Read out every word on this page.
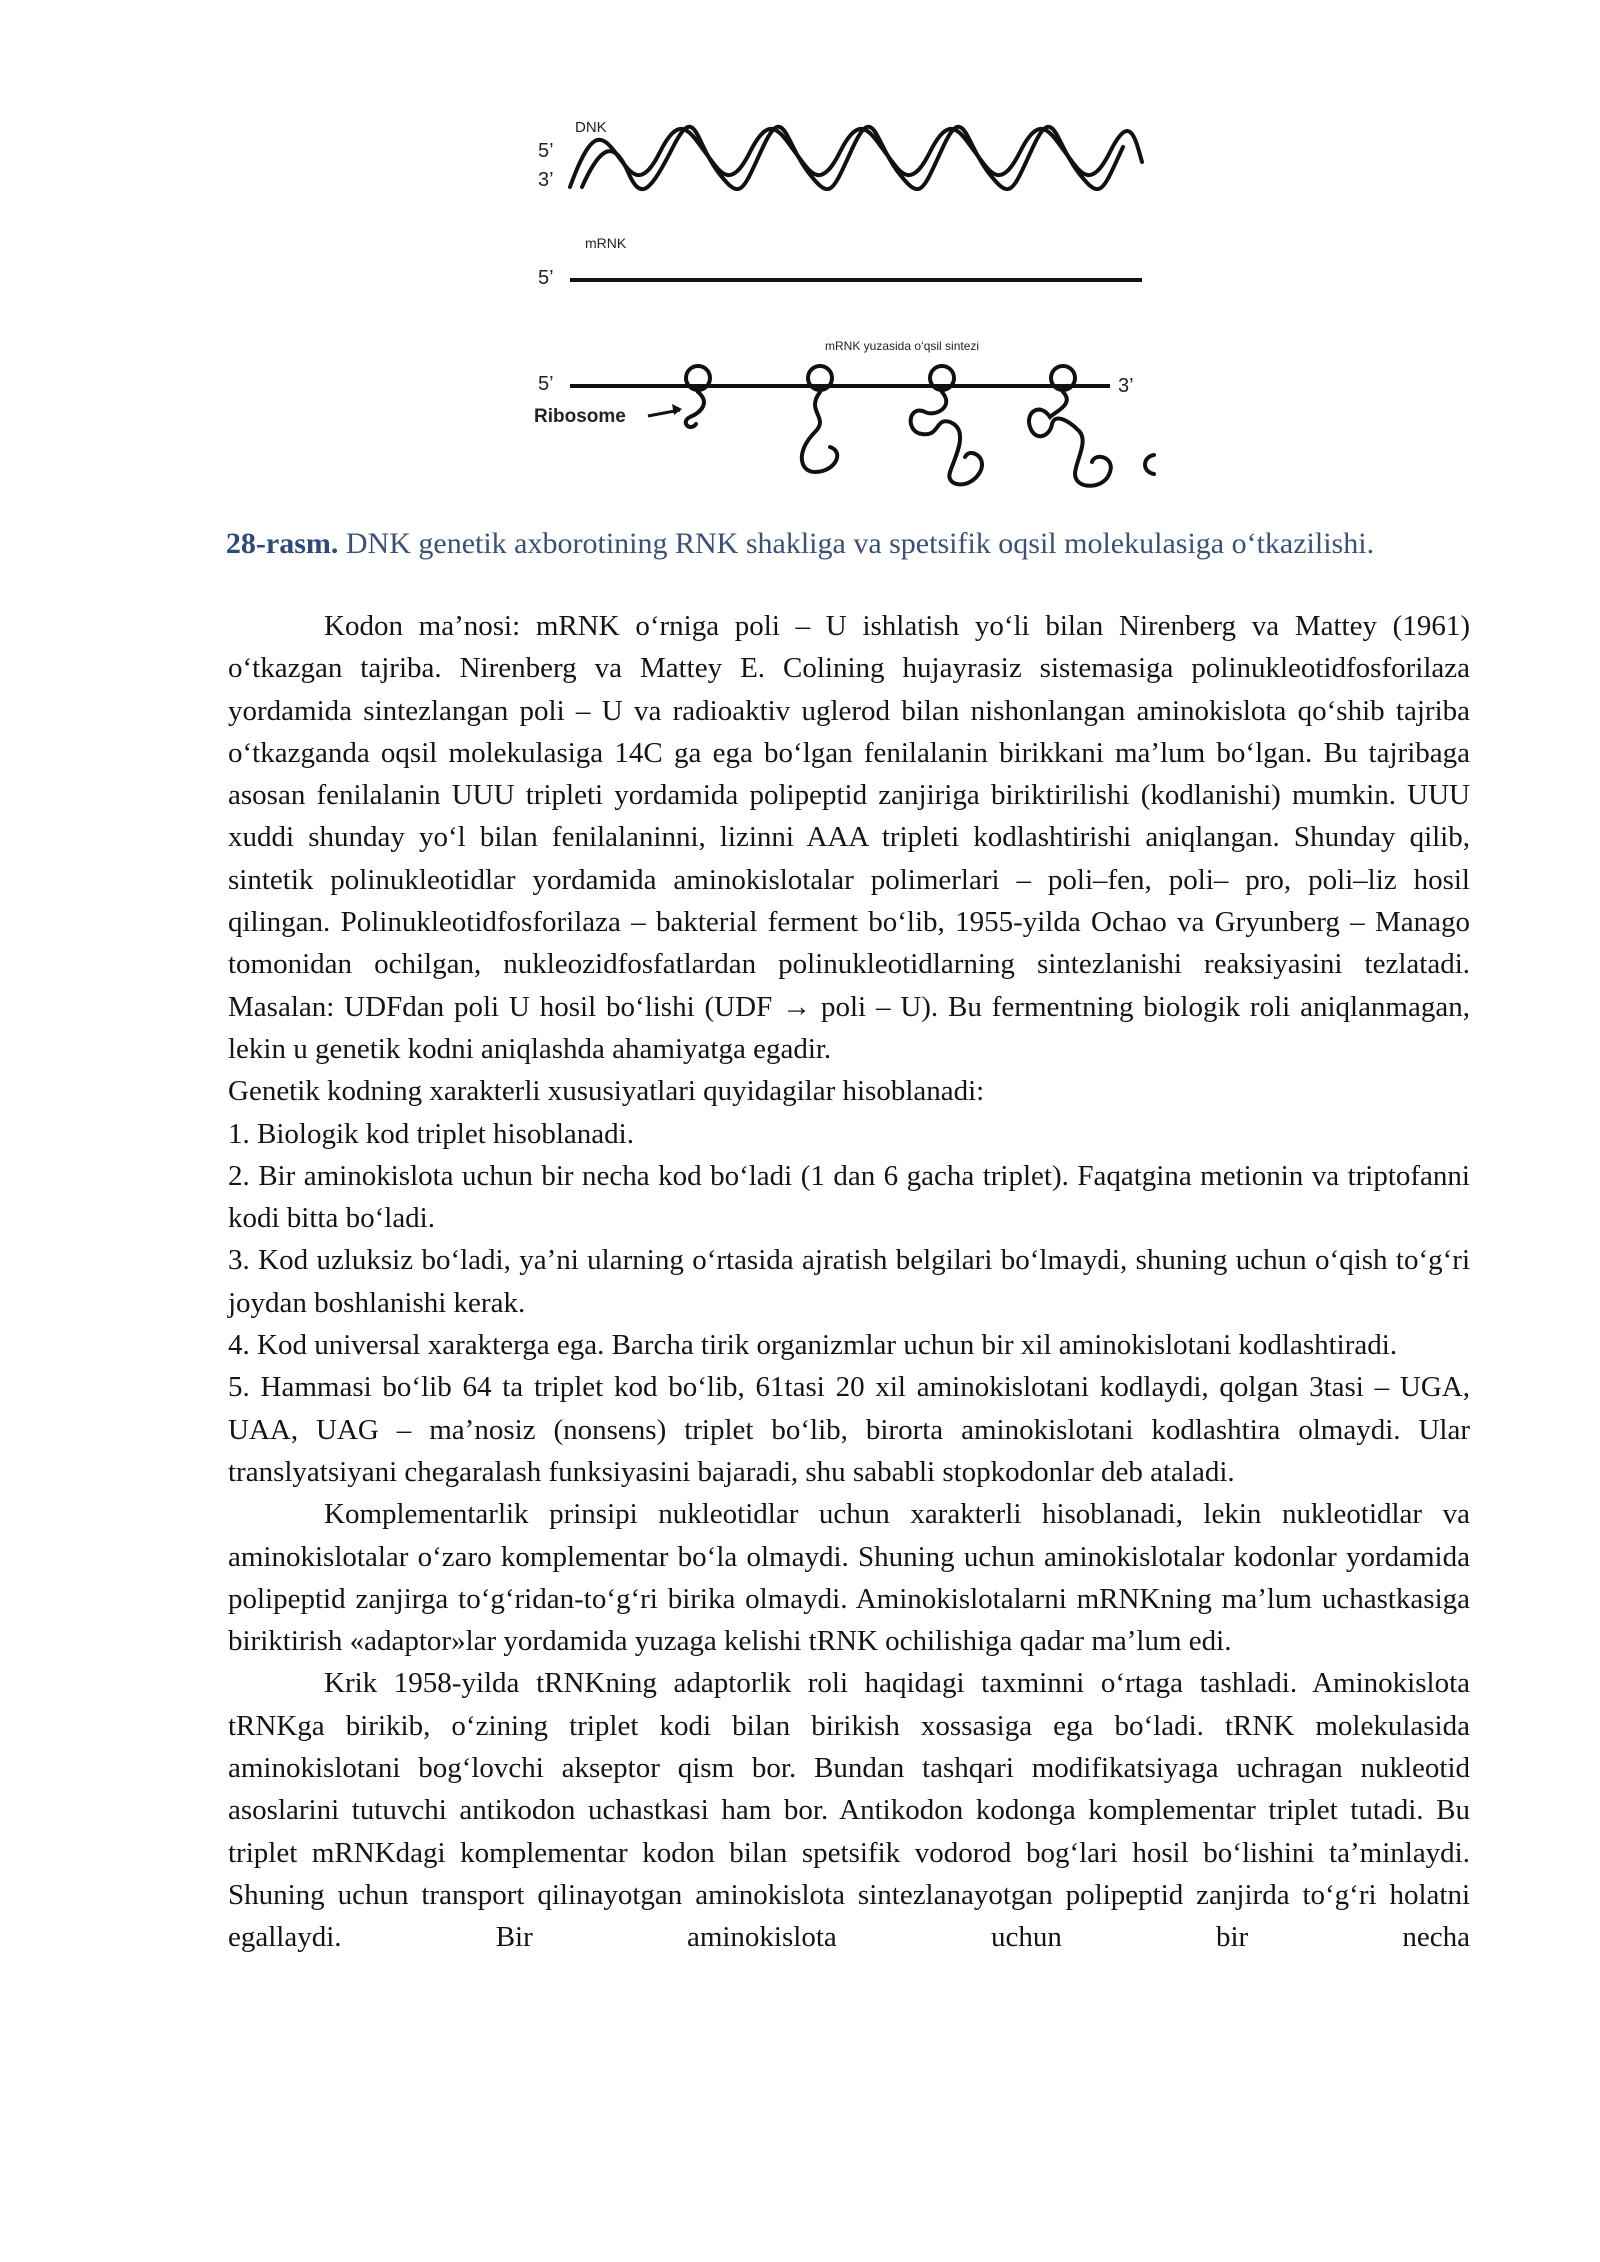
DNK
5’
3’
mRNK
5’
mRNK yuzasida o‘qsil sintezi
5’	3’
Ribosome
28-rasm. DNK genetik axborotining RNK shakliga va spetsifik oqsil molekulasiga o‘tkazilishi.

Kodon ma’nosi: mRNK o‘rniga poli – U ishlatish yo‘li bilan Nirenberg va Mattey (1961) o‘tkazgan tajriba. Nirenberg va Mattey E. Colining hujayrasiz sistemasiga polinukleotidfosforilaza yordamida sintezlangan poli – U va radioaktiv uglerod bilan nishonlangan aminokislota qo‘shib tajriba o‘tkazganda oqsil molekulasiga 14C ga ega bo‘lgan fenilalanin birikkani ma’lum bo‘lgan. Bu tajribaga asosan fenilalanin UUU tripleti yordamida polipeptid zanjiriga biriktirilishi (kodlanishi) mumkin. UUU xuddi shunday yo‘l bilan fenilalaninni, lizinni AAA tripleti kodlashtirishi aniqlangan. Shunday qilib, sintetik polinukleotidlar yordamida aminokislotalar polimerlari – poli–fen, poli– pro, poli–liz hosil qilingan. Polinukleotidfosforilaza – bakterial ferment bo‘lib, 1955-yilda Ochao va Gryunberg – Manago tomonidan ochilgan, nukleozidfosfatlardan polinukleotidlarning sintezlanishi reaksiyasini tezlatadi. Masalan: UDFdan poli U hosil bo‘lishi (UDF → poli – U). Bu fermentning biologik roli aniqlanmagan, lekin u genetik kodni aniqlashda ahamiyatga egadir.

Genetik kodning xarakterli xususiyatlari quyidagilar hisoblanadi:

1. Biologik kod triplet hisoblanadi.

2. Bir aminokislota uchun bir necha kod bo‘ladi (1 dan 6 gacha triplet). Faqatgina metionin va triptofanni kodi bitta bo‘ladi.

3. Kod uzluksiz bo‘ladi, ya’ni ularning o‘rtasida ajratish belgilari bo‘lmaydi, shuning uchun o‘qish to‘g‘ri joydan boshlanishi kerak.

4. Kod universal xarakterga ega. Barcha tirik organizmlar uchun bir xil aminokislotani kodlashtiradi.

5. Hammasi bo‘lib 64 ta triplet kod bo‘lib, 61tasi 20 xil aminokislotani kodlaydi, qolgan 3tasi – UGA, UAA, UAG – ma’nosiz (nonsens) triplet bo‘lib, birorta aminokislotani kodlashtira olmaydi. Ular translyatsiyani chegaralash funksiyasini bajaradi, shu sababli stopkodonlar deb ataladi.

Komplementarlik prinsipi nukleotidlar uchun xarakterli hisoblanadi, lekin nukleotidlar va aminokislotalar o‘zaro komplementar bo‘la olmaydi. Shuning uchun aminokislotalar kodonlar yordamida polipeptid zanjirga to‘g‘ridan-to‘g‘ri birika olmaydi. Aminokislotalarni mRNKning ma’lum uchastkasiga biriktirish «adaptor»lar yordamida yuzaga kelishi tRNK ochilishiga qadar ma’lum edi.

Krik 1958-yilda tRNKning adaptorlik roli haqidagi taxminni o‘rtaga tashladi. Aminokislota tRNKga birikib, o‘zining triplet kodi bilan birikish xossasiga ega bo‘ladi. tRNK molekulasida aminokislotani bog‘lovchi akseptor qism bor. Bundan tashqari modifikatsiyaga uchragan nukleotid asoslarini tutuvchi antikodon uchastkasi ham bor. Antikodon kodonga komplementar triplet tutadi. Bu triplet mRNKdagi komplementar kodon bilan spetsifik vodorod bog‘lari hosil bo‘lishini ta’minlaydi. Shuning uchun transport qilinayotgan aminokislota sintezlanayotgan polipeptid zanjirda to‘g‘ri holatni egallaydi. Bir aminokislota uchun bir necha
